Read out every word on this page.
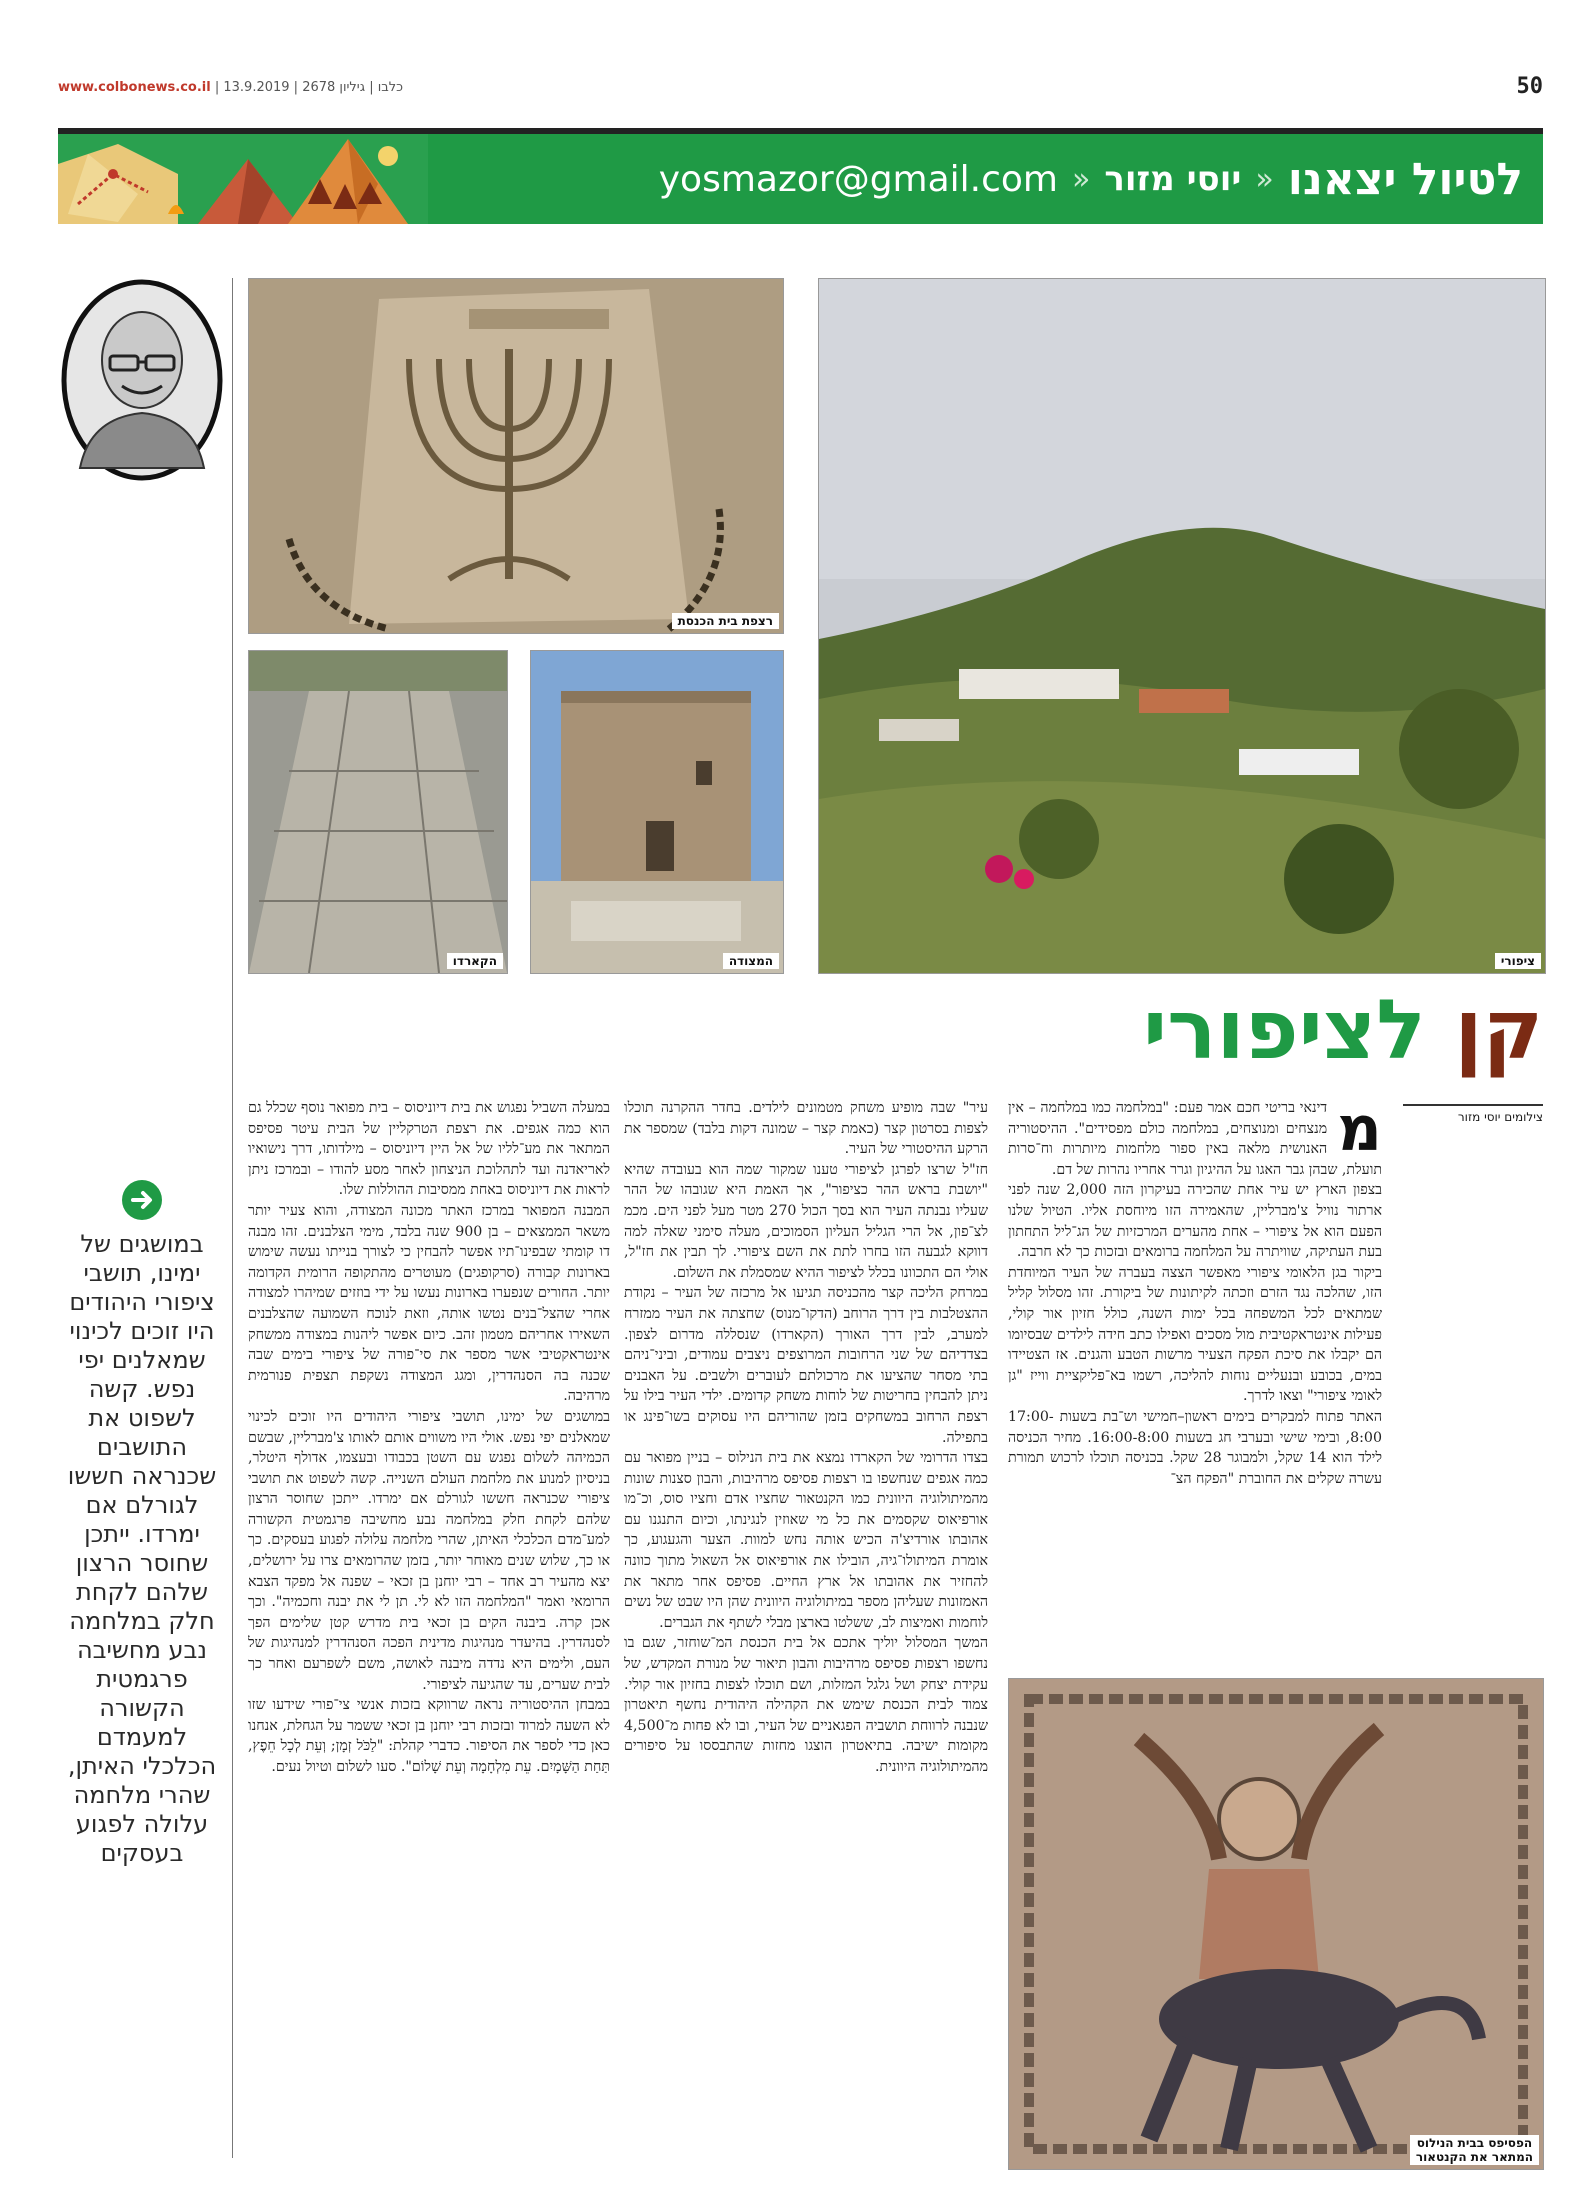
www.colbonews.co.il | כלבו | גיליון 2678 | 13.9.2019	50
לטיול יצאנו
«
יוסי מזור
«
yosmazor@gmail.com
רצפת בית הכנסת
ציפורי
הקארדו	המצודה
קן לציפורי
צילומים יוסי מזור
מ

דינאי בריטי חכם אמר פעם: "במלחמה כמו במלחמה – אין מנצחים ומנוצחים, במלחמה כולם מפסידים". ההיסטוריה האנושית מלאה באין ספור מלחמות מיותרות וח־סרות תועלת, שבהן גבר האגו על ההיגיון וגרר אחריו נהרות של דם.

בצפון הארץ יש עיר אחת שהכירה בעיקרון הזה 2,000 שנה לפני ארתור נוויל צ'מברליין, שהאמירה הזו מיוחסת אליו. הטיול שלנו הפעם הוא אל ציפורי – אחת מהערים המרכזיות של הג־ליל התחתון בעת העתיקה, שוויתרה על המלחמה ברומאים ובזכות כך לא חרבה.

ביקור בגן הלאומי ציפורי מאפשר הצצה בעברה של העיר המיוחדת הזו, שהלכה נגד הזרם וזכתה לקיתונות של ביקורת. זהו מסלול קליל שמתאים לכל המשפחה בכל ימות השנה, כולל חזיון אור קולי, פעילות אינטראקטיבית מול מסכים ואפילו כתב חידה לילדים שבסיומו הם יקבלו את סיכת הפקח הצעיר מרשות הטבע והגנים. אז הצטיידו במים, בכובע ובנעליים נוחות להליכה, רשמו בא־פליקציית ווייז "גן לאומי ציפורי" וצאו לדרך.

האתר פתוח למבקרים בימים ראשון–חמישי וש־בת בשעות 17:00-8:00, ובימי שישי ובערבי חג בשעות 16:00-8:00. מחיר הכניסה לילד הוא 14 שקל, ולמבוגר 28 שקל. בכניסה תוכלו לרכוש תמורת עשרה שקלים את החוברת "הפקח הצ־

הפסיפס בבית הנילוס
המתאר את הקנטאור

עיר" שבה מופיע משחק מטמונים לילדים. בחדר ההקרנה תוכלו לצפות בסרטון קצר (כאמת קצר – שמונה דקות בלבד) שמספר את הרקע ההיסטורי של העיר.

חז"ל שרצו לפרגן לציפורי טענו שמקור שמה הוא בעובדה שהיא "יושבת בראש ההר כציפור", אך האמת היא שגובהו של ההר שעליו נבנתה העיר הוא בסך הכול 270 מטר מעל לפני הים. מכמ לצ־פון, אל הרי הגליל העליון הסמוכים, מעלה סימני שאלה למה דווקא לגבעה הזו בחרו לתת את השם ציפורי. לך תבין את חז"ל, אולי הם התכוונו בכלל לציפור ההיא שמסמלת את השלום.

במרחק הליכה קצר מהכניסה תגיעו אל מרכזה של העיר – נקודת ההצטלבות בין דרך הרוחב (הדקו־מנוס) שחצתה את העיר ממזרח למערב, לבין דרך האורך (הקארדו) שנסללה מדרום לצפון. בצדדיהם של שני הרחובות המרוצפים ניצבים עמודים, וביני־ניהם בתי מסחר שהציעו את מרכולתם לעוברים ולשבים. על האבנים ניתן להבחין בחריטות של לוחות משחק קדומים. ילדי העיר בילו על רצפת הרחוב במשחקים בזמן שהוריהם היו עסוקים בשו־פינג או בתפילה.

בצדו הדרומי של הקארדו נמצא את בית הנילוס – בניין מפואר עם כמה אגפים שנחשפו בו רצפות פסיפס מרהיבות, והבון סצנות שונות מהמיתולוגיה היוונית כמו הקנטאור שחציו אדם וחציו סוס, וכ־מו אורפיאוס שקסמים את כל מי שאוזין לנגינתו, וכיום התנגנו עם אהובתו אורדיצ'ה הכיש אותה נחש למוות. הצער והגעגוע, כך אומרת המיתולו־גיה, הובילו את אורפיאוס אל השאול מתוך כוונה להחזיר את אהובתו אל ארץ החיים. פסיפס אחר מתאר את האמזונות שעליהן מספר במיתולוגיה היוונית שהן היו שבט של נשים לוחמות ואמיצות לב, ששלטו בארצן מבלי לשתף את הגברים.

המשך המסלול יוליך אתכם אל בית הכנסת המ־שוחזר, שגם בו נחשפו רצפות פסיפס מרהיבות והבון תיאור של מנורת המקדש, של עקידת יצחק ושל גלגל המזלות, ושם תוכלו לצפות בחזיון אור קולי. צמוד לבית הכנסת שימש את הקהילה היהודית נחשף תיאטרון שנבנה לרווחת תושביה הפגאניים של העיר, ובו לא פחות מ־4,500 מקומות ישיבה. בתיאטרון הוצגו מחזות שהתבססו על סיפורים מהמיתולוגיה היוונית.

במעלה השביל נפגוש את בית דיוניסוס – בית מפואר נוסף שכלל גם הוא כמה אגפים. את רצפת הטרקליין של הבית עיטר פסיפס המתאר את מע־לליו של אל היין דיוניסוס – מילדותו, דרך נישואיו לאריאדנה ועד לתהלוכת הניצחון לאחר מסע להודו – ובמרכז ניתן לראות את דיוניסוס באחת ממסיבות ההוללות שלו.

המבנה המפואר במרכז האתר מכונה המצודה, והוא צעיר יותר משאר הממצאים – בן 900 שנה בלבד, מימי הצלבנים. זהו מבנה דו קומתי שבפינו־תיו אפשר להבחין כי לצורך בנייתו נעשה שימוש בארונות קבורה (סרקופגים) מעוטרים מהתקופה הרומית הקדומה יותר. החורים שנפערו בארונות נעשו על ידי בוזזים שמיהרו למצודה אחרי שהצל־בנים נטשו אותה, וזאת לנוכח השמועה שהצלבנים השאירו אחריהם מטמון זהב. כיום אפשר ליהנות במצודה ממשחק אינטראקטיבי אשר מספר את סי־פורה של ציפורי בימים שבה שכנה בה הסנהדרין, ומגג המצודה נשקפת תצפית פנורמית מרהיבה.

במושגים של ימינו, תושבי ציפורי היהודים היו זוכים לכינוי שמאלנים יפי נפש. אולי היו משווים אותם לאותו צ'מברליין, שבשם הכמיהה לשלום נפגש עם השטן בכבודו ובעצמו, אדולף היטלר, בניסיון למנוע את מלחמת העולם השנייה. קשה לשפוט את תושבי ציפורי שכנראה חששו לגורלם אם ימרדו. ייתכן שחוסר הרצון שלהם לקחת חלק במלחמה נבע מחשיבה פרגמטית הקשורה למע־מדם הכלכלי האיתן, שהרי מלחמה עלולה לפגוע בעסקים. כך או כך, שלוש שנים מאוחר יותר, בזמן שהרומאים צרו על ירושלים, יצא מהעיר רב אחד – רבי יוחנן בן זכאי – שפנה אל מפקד הצבא הרומאי ואמר "המלחמה הזו לא לי. תן לי את יבנה וחכמיה". וכך אכן קרה. ביבנה הקים בן זכאי בית מדרש קטן שלימים הפך לסנהדרין. בהיעדר מנהיגות מדינית הפכה הסנהדרין למנהיגות של העם, ולימים היא נדדה מיבנה לאושה, משם לשפרעם ואחר כך לבית שערים, עד שהגיעה לציפורי.

במבחן ההיסטוריה נראה שרווקא בזכות אנשי צי־פורי שידעו שזו לא השעה למרוד ובזכות רבי יוחנן בן זכאי ששמר על הגחלת, אנחנו כאן כדי לספר את הסיפור. כדברי קהלת: "לַכֹּל זְמָן; וְעֵת לְכָל חֵפֶץ, תַּחַת הַשָּׁמָיִם. עֵת מִלְחָמָה וְעֵת שָׁלוֹם". סעו לשלום וטיול נעים.

במושגים של ימינו, תושבי ציפורי היהודים היו זוכים לכינוי שמאלנים יפי נפש. קשה לשפוט את התושבים שכנראה חששו לגורלם אם ימרדו. ייתכן שחוסר הרצון שלהם לקחת חלק במלחמה נבע מחשיבה פרגמטית הקשורה למעמדם הכלכלי האיתן, שהרי מלחמה עלולה לפגוע בעסקים
